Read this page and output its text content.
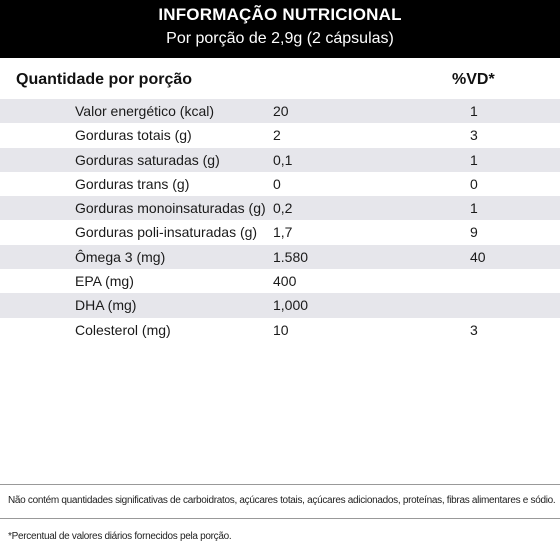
INFORMAÇÃO NUTRICIONAL
Por porção de 2,9g (2 cápsulas)
Quantidade por porção	%VD*
Valor energético (kcal)	20	1
Gorduras totais (g)	2	3
Gorduras saturadas (g)	0,1	1
Gorduras trans (g)	0	0
Gorduras monoinsaturadas (g) 0,2	1
Gorduras poli-insaturadas (g) 1,7	9
Ômega 3 (mg)	1.580	40
EPA (mg)	400
DHA (mg)	1,000
Colesterol (mg)	10	3
Não contém quantidades significativas de carboidratos, açúcares totais, açúcares adicionados, proteínas, fibras alimentares e sódio.
*Percentual de valores diários fornecidos pela porção.
